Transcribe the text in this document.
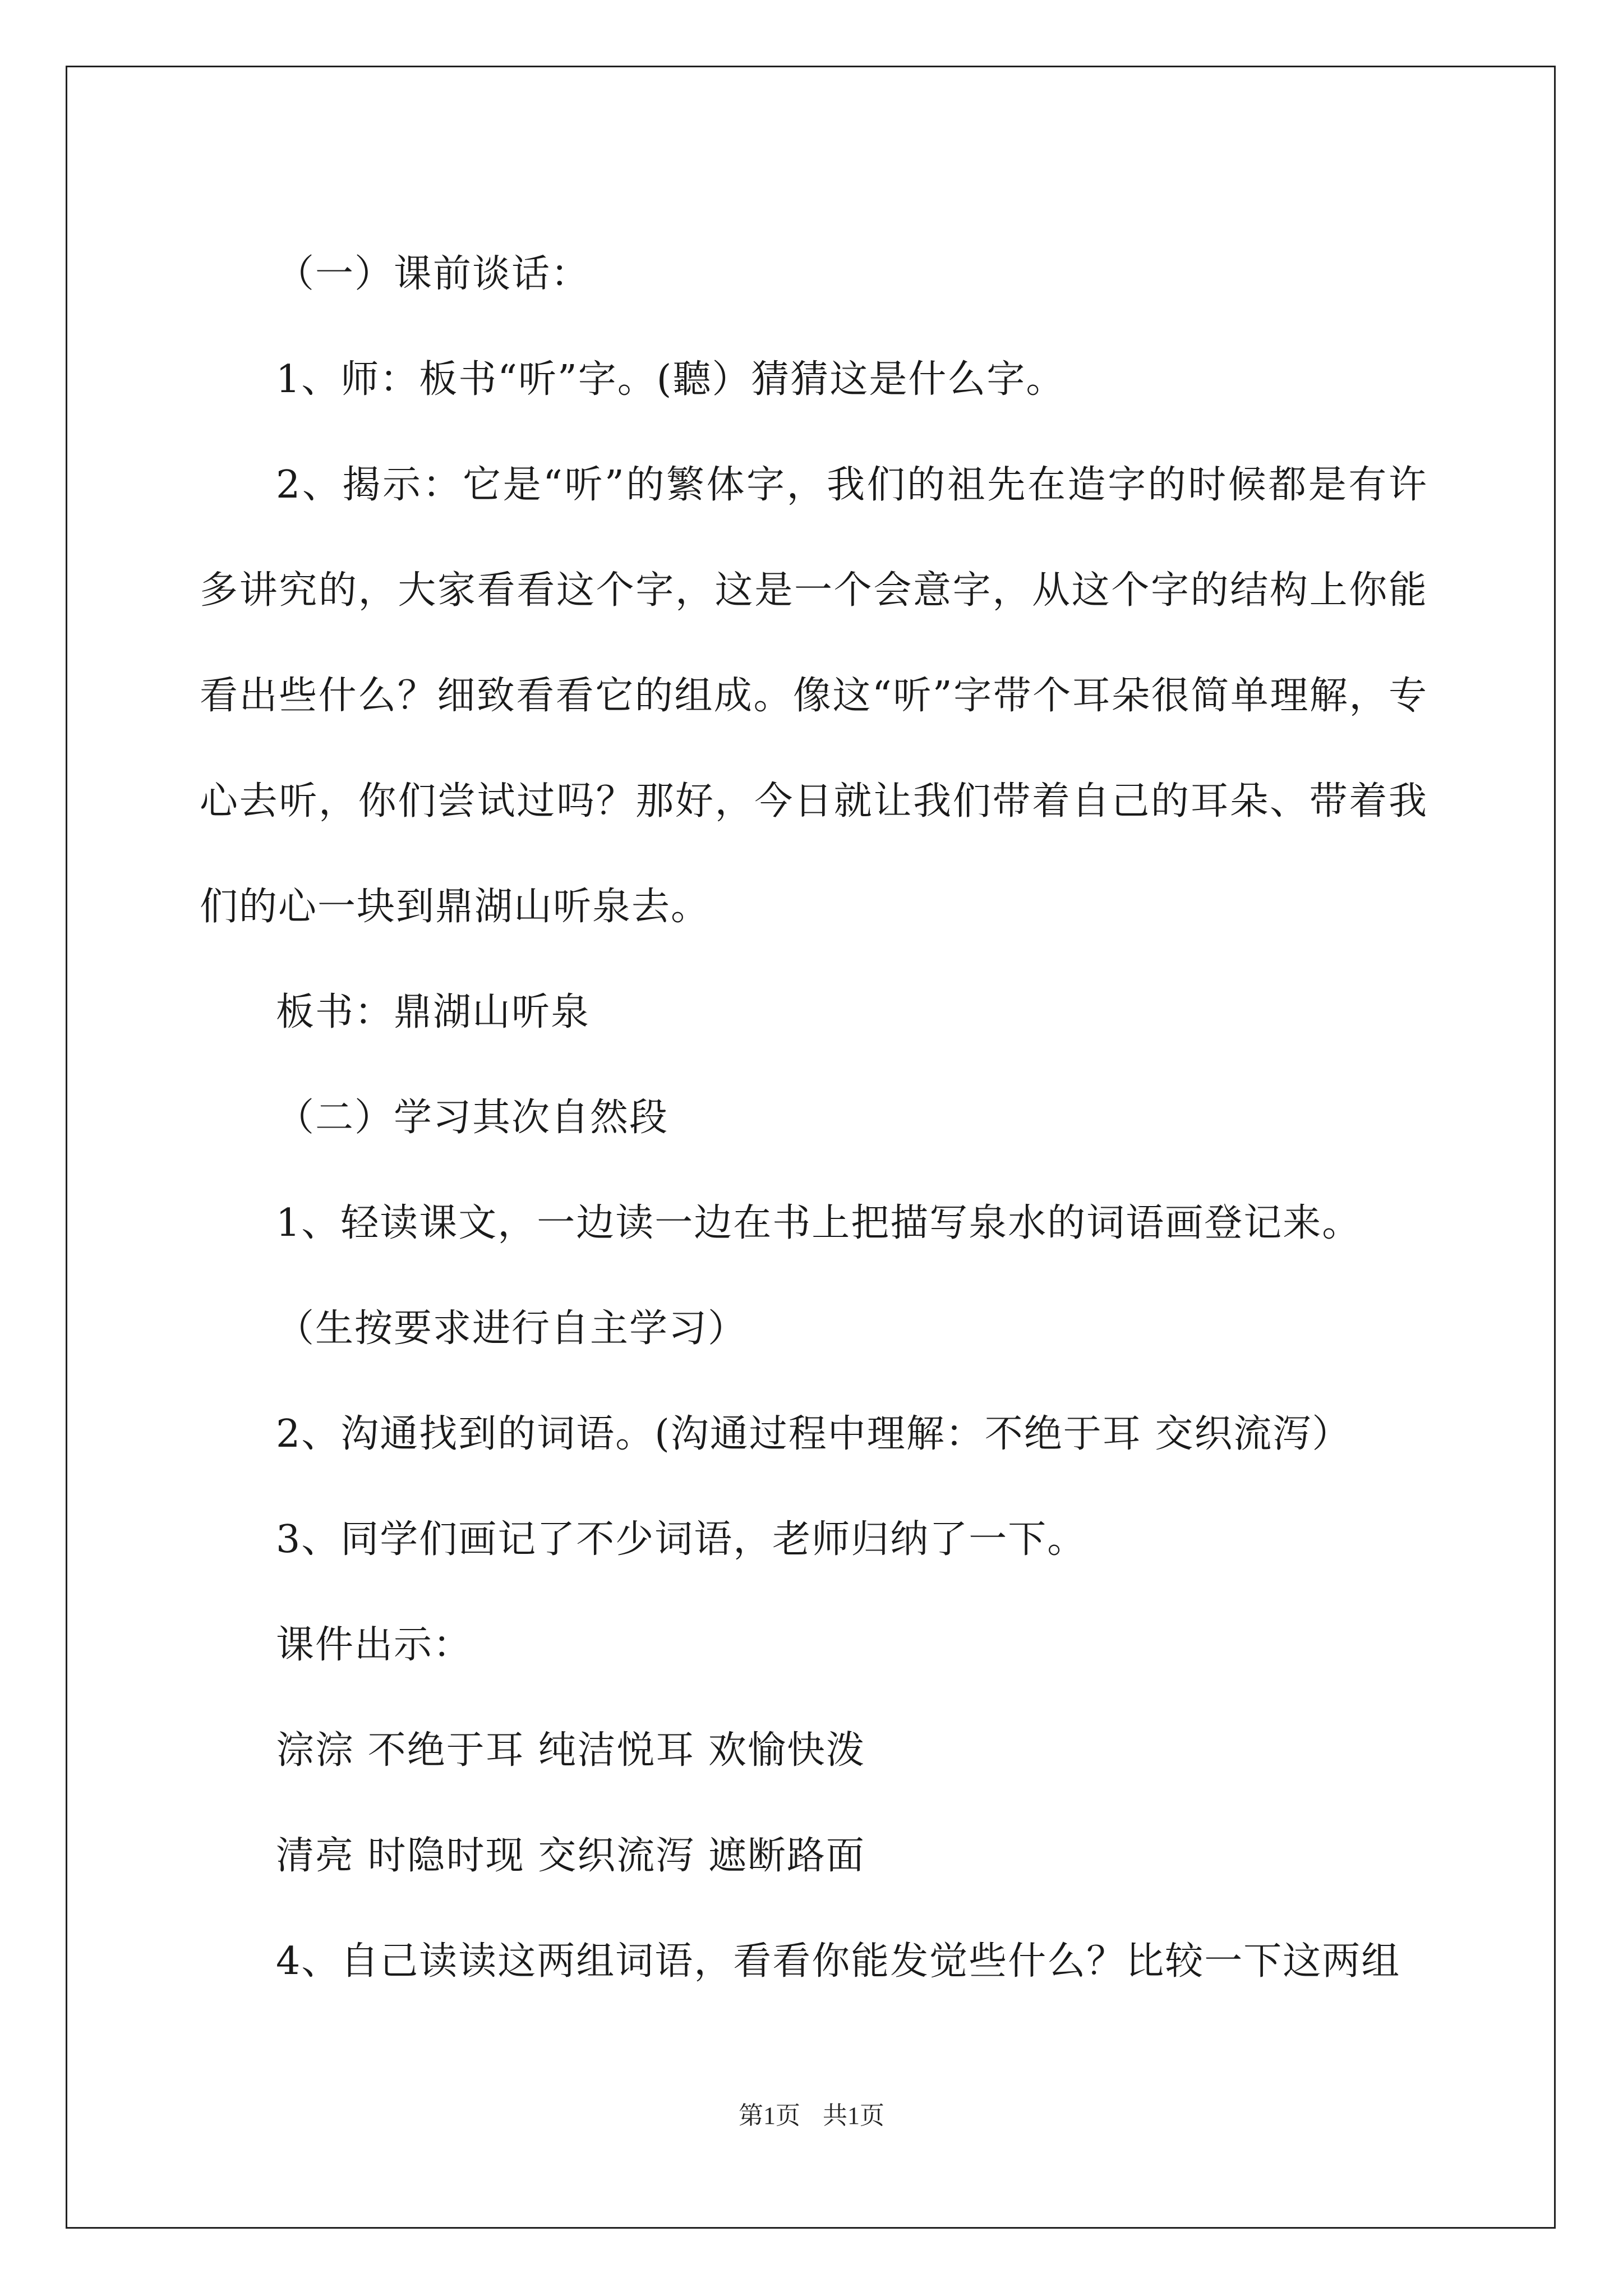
（一）课前谈话：

1、师：板书“听”字。(聽）猜猜这是什么字。

2、揭示：它是“听”的繁体字，我们的祖先在造字的时候都是有许多讲究的，大家看看这个字，这是一个会意字，从这个字的结构上你能看出些什么？细致看看它的组成。像这“听”字带个耳朵很简单理解，专心去听，你们尝试过吗？那好，今日就让我们带着自己的耳朵、带着我们的心一块到鼎湖山听泉去。

板书：鼎湖山听泉

（二）学习其次自然段

1、轻读课文，一边读一边在书上把描写泉水的词语画登记来。

（生按要求进行自主学习）

2、沟通找到的词语。(沟通过程中理解：不绝于耳 交织流泻）

3、同学们画记了不少词语，老师归纳了一下。

课件出示：

淙淙 不绝于耳 纯洁悦耳 欢愉快泼

清亮 时隐时现 交织流泻 遮断路面

4、自己读读这两组词语，看看你能发觉些什么？比较一下这两组

第1页 共1页
